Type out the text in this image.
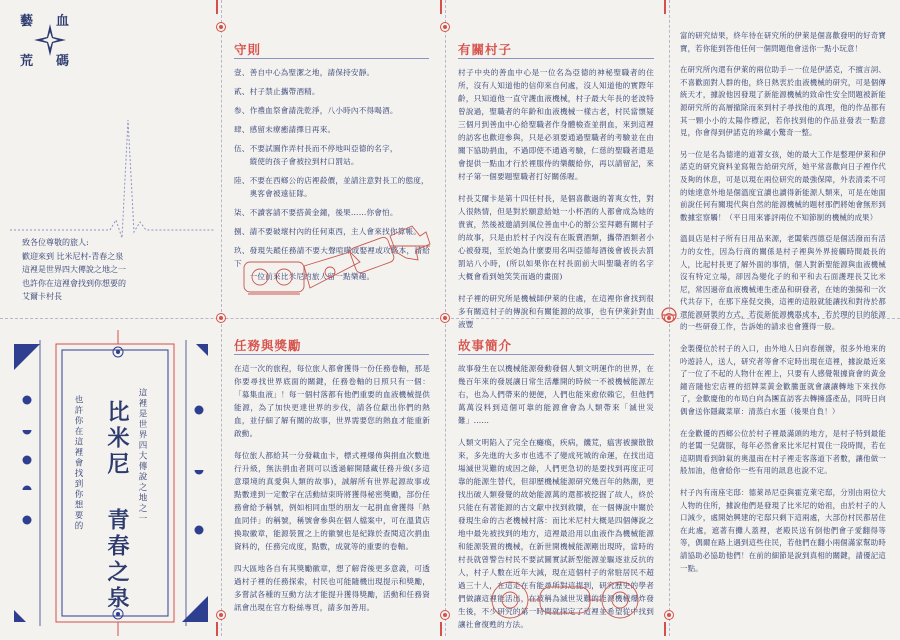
藝 血
荒 碼
致各位尊敬的旅人:
歡迎來到 比米尼村-青春之泉
這裡是世界四大傳說之地之一
也許你在這裡會找到你想要的
艾爾卡村長
比米尼 青春之泉 這裡是世界四大傳說之地之一
也許你在這裡會找到你想要的
守則

壹、善自中心為聖潔之地，請保持安靜。

貳、村子禁止攜帶酒精。

参、作禮血祭會請洗乾淨，八小時內不得喝酒。

肆、感留未療癒請擇日再來。

伍、不要試圖作弄村長而不停地叫亞德的名字，
　　縱使的孩子會被拉到村口罰站。

陸、不要在西鄉公的店裡殺價，並請注意對長工的態度，
　　奧客會被遠征隊。

柒、不讀客請不要搭黃金鐘，後果……你會怕。

捌、請不要破壞村內的任何東西，主人會來找你算帳。

玖、發現失蹤任務請不要大聲喧嘩或娶裡或攻略本，請給下
　　一位前來比米尼的旅人留一點樂趣。

有關村子

村子中央的善血中心是一位名為亞德的神秘聖職者的住所，沒有人知道他的信仰來自何處，沒人知道他的實際年齡，只知道他一直守護血液機械，村子最大年長的老波特曾說過，聖職者的年齡和血液機械一樣古老，村民當懷疑三個月到善血中心給聖職者作身體檢查並捐血，來到這裡的訪客也歡迎參與，只是必須要通過聖職者的考驗並在由關下協助捐血，不過即使不通過考驗，仁慈的聖職者還是會提供一點血才行於裡服侍的樂觀給你，再以請留記，來村子第一個要題聖職者打好關係喔。

村長艾爾卡是第十四任村長，是個喜歡過的著爽女性，對人很熱情，但是對於願意給她一小杯酒的人都會成為她的貴賓，然後被邀請到風位善血中心的辦公室拜聽有關村子的故事，只是由於村子內沒有在販賣酒類，攜帶酒類者小心被發現，至於她為什麼要用名叫亞德每酒後會被長去罰罰站八小時，(所以如果你在村長面前大叫聖職者的名字大概會看到她笑笑而過的畫面)

村子裡的研究所是機械師伊萊的住處，在這裡你會找到很多有關這村子的傳說和有關能源的故事，也有伊萊針對血液豐

富的研究結果，終年待在研究所的伊萊是個喜歡發明的好奇寶寶，若你能到答他任何一個問題他會送你一點小玩意！

在研究所內還有伊萊的兩位助手－一位是伊諾克，不擅言詞、不喜歡面對人群的他，終日熱衷於血液機械的研究，可是個傳統天才，據說他因發現了新能源機械的致命性安全問題被新能源研究所的高層撤除而來到村子尋找他的真理，他的作品都有其一顆小小的太陽作標記，若你找到他的作品並發表一點意見，你會得到伊諾克的珍藏小驚奇一整。

另一位是名為德達的道著女孩，她的最大工作是整理伊萊和伊諾克的研究資料並寫報告給研究所，她平常喜歡向日子裡作代及夠的休息，可是以現在兩位研究的最強保障，外表清柔不可的她達意外地是個溫度宜讀也讀得新能源人類來，可是在她面前說任何有關現代與自然的能源機械的題材那們將她會無形到數據室察觸！（平日用來審評兩位不知節制的機械的成果）

溫員店是村子所有日用品來源，老闆紫西德亞是個活潑而有活力的女性，因為行商的關係是村子裡與外界接觸時間最長的人，比起村長更了解外面的事情，個人對新聖能源與血液機械沒有特定立場，卻因為變化子的和平和去石面護理長艾比米尼，常因過帝血液機械連生產品和研發者，在她的強揚和一次代共存下，在那下座促交換，這裡的這般就能讓找和對待於都還能源研製的方式，若從新能源機器成本，若於理的目的能源的一些研發工作，告訴她的請求也會獲得一般。

金製優位於村子的入口，由外地人日向春創辦，很多外地來的吟遊詩人，送人，研究者等會不定時出現在這裡，據說最近來了一位了不起的人物什在裡上，只要有人感覺報據資會的黃金鐘音隨他宏店裡的招牌菜黃金歡騰蛋就會讓讓轉地下來找你了，金歡慶他的布局白向為團直訪客去轉擁盛產品，同時日向偶會送你隱藏菜單：清蒸白水蛋（後果自負！）

在金歡優的西鄉公位於村子裡最滿頭的地方，是村子特到最能的老闆一兒薩豚，每年必然會來比米尼村買住一段時間，若在這期間看到帥氣的奧溫南在村子裡走客落道下者數，讓他做一般加油，他會給你一些有用的訊息也說不定。

村子內有南座宅邸：德萊昂尼亞與霍克萊宅邸，分別由兩位大人物的住所，據說他們是發現了比米尼的始祖，由於村子的人口減少，處開始興建的宅邸只剩下這兩處，大部份村民都居住在此處，遮著有攤人蓋裡，老殿民送有倒他們會子愛翻得等等，偶爾在路上遇到這些住民，若他們在翻小兩個滿家幫助時請協助必協助他們！在前的細節是說到真相的關鍵，請優記這一點。

任務與獎勵

在這一次的旅程，每位旅人都會獲得一份任務卷軸，那是你要尋找世界底面的關鍵，任務卷軸的日照只有一個：「募集血液」！每一個村落都有他們重要的血液機械提供能源，為了加快更達世界的步伐，請各位獻出你們的熱血，並仔細了解有關的故事，世界需要您的熱血才能重新啟動。

每位旅人都給其一分發載血卡，標式裡爆佈與捐血次數進行升級，無法捐血者則可以透過解開隱藏任務升級(多這意環境的真愛與人類的故事)，誠解所有世界起源故事或點數達到一定數字在活動結束時將獲得秘密獎勵，部份任務會給予稱號，例如相同血型的朋友一起捐血會獲得「熱血同伴」的稱號，稱號會參與在個人檔案中，可在溫貨店換取徽章，能源裝置之上的徽號也是紀錄於查閱這次捐血資料的，任務完成度，點數，成就等的重要的卷軸。

四大區地各自有其獎勵徽章，想了解背後更多意義，可透過村子裡的任務探索，村民也可能隨機出現提示和獎勵，多嘗試各種的互動方法才能提升獲得獎勵，活動和任務資訊會出現在官方粉絲專頁，請多加善用。

故事簡介

故事發生在以機械能源發動發個人類文明運作的世界，在幾百年來的發展讓日常生活離開的時候一不被機械能源左右，也為人們帶來的便便，人們也能來愈依賴它，但他們萬萬沒料到這個可靠的能源會會為人類帶來「滅世災難」……

人類文明陷入了完全在癱瘓，疾病，饑荒，瘟害被擴散散來，多先進的大多市也逃不了變成死城的命運，在找出這場滅世災難的成因之餘，人們更急切的是要找到再度正可靠的能源生替代，但卻歷機械能源研究幾百年的熱潮，更找出破人類發覺的故始能源萬的還都被挖掘了故人，終於只能在有著能源的古文獻中找到救贖，在一個傳說中關於發現生命的古老機械村落：而比米尼村大概是四個傳說之地中最先被找到的地方，這裡最沿用以血液作為機械能源和能源裝置的機械，在新世開機械能源剛出現時，當時的村長就曾警告村民不要試圖實試新型能源並驅逐並反抗的人，村子人數在近年大減，現在這個村子的常駐居民不超過三十人，在這走在有能尋所對這提到，研究歷史的學者們做讓這裡能活出，在被稱為滅世災難的能源機械爆炸發生後，不少研究的第一時間就探定了這裡並希望從中找到讓社會復甦的方法。
